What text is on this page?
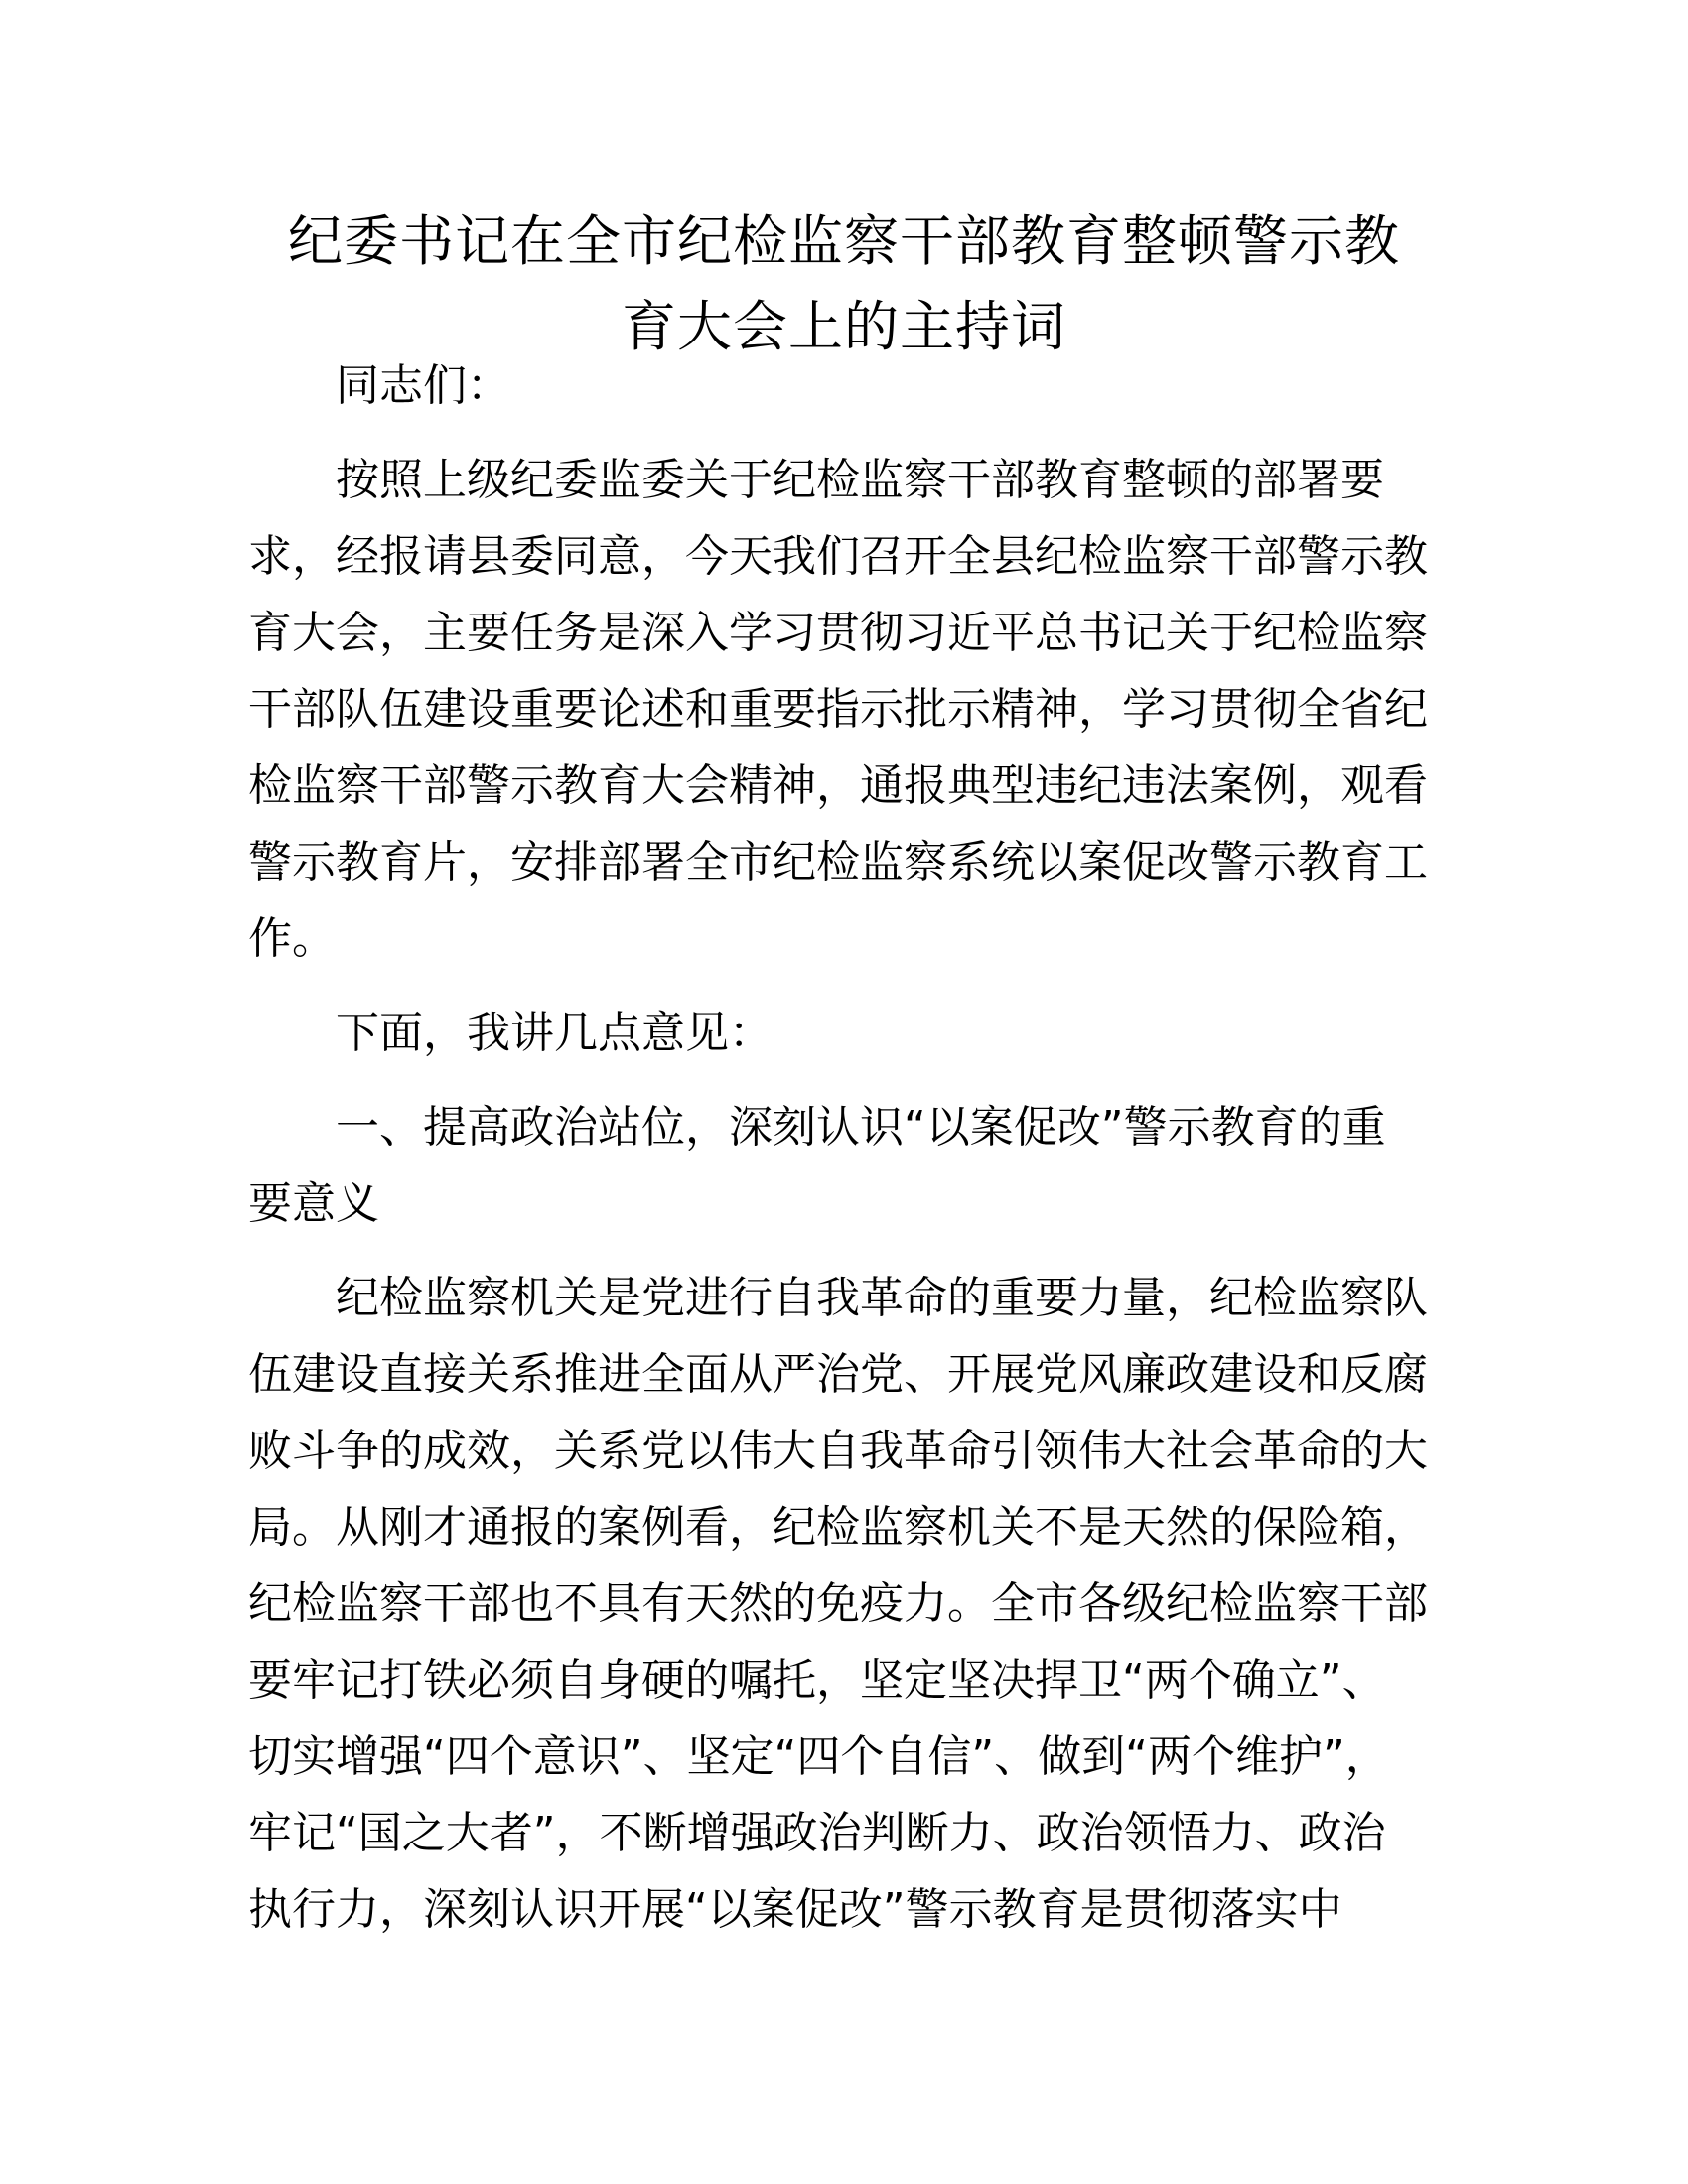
纪委书记在全市纪检监察干部教育整顿警示教
育大会上的主持词

同志们：

按照上级纪委监委关于纪检监察干部教育整顿的部署要
求，经报请县委同意，今天我们召开全县纪检监察干部警示教
育大会，主要任务是深入学习贯彻习近平总书记关于纪检监察
干部队伍建设重要论述和重要指示批示精神，学习贯彻全省纪
检监察干部警示教育大会精神，通报典型违纪违法案例，观看
警示教育片，安排部署全市纪检监察系统以案促改警示教育工
作。

下面，我讲几点意见：

一、提高政治站位，深刻认识“以案促改”警示教育的重
要意义

纪检监察机关是党进行自我革命的重要力量，纪检监察队
伍建设直接关系推进全面从严治党、开展党风廉政建设和反腐
败斗争的成效，关系党以伟大自我革命引领伟大社会革命的大
局。从刚才通报的案例看，纪检监察机关不是天然的保险箱，
纪检监察干部也不具有天然的免疫力。全市各级纪检监察干部
要牢记打铁必须自身硬的嘱托，坚定坚决捍卫“两个确立”、
切实增强“四个意识”、坚定“四个自信”、做到“两个维护”，
牢记“国之大者”，不断增强政治判断力、政治领悟力、政治
执行力，深刻认识开展“以案促改”警示教育是贯彻落实中
